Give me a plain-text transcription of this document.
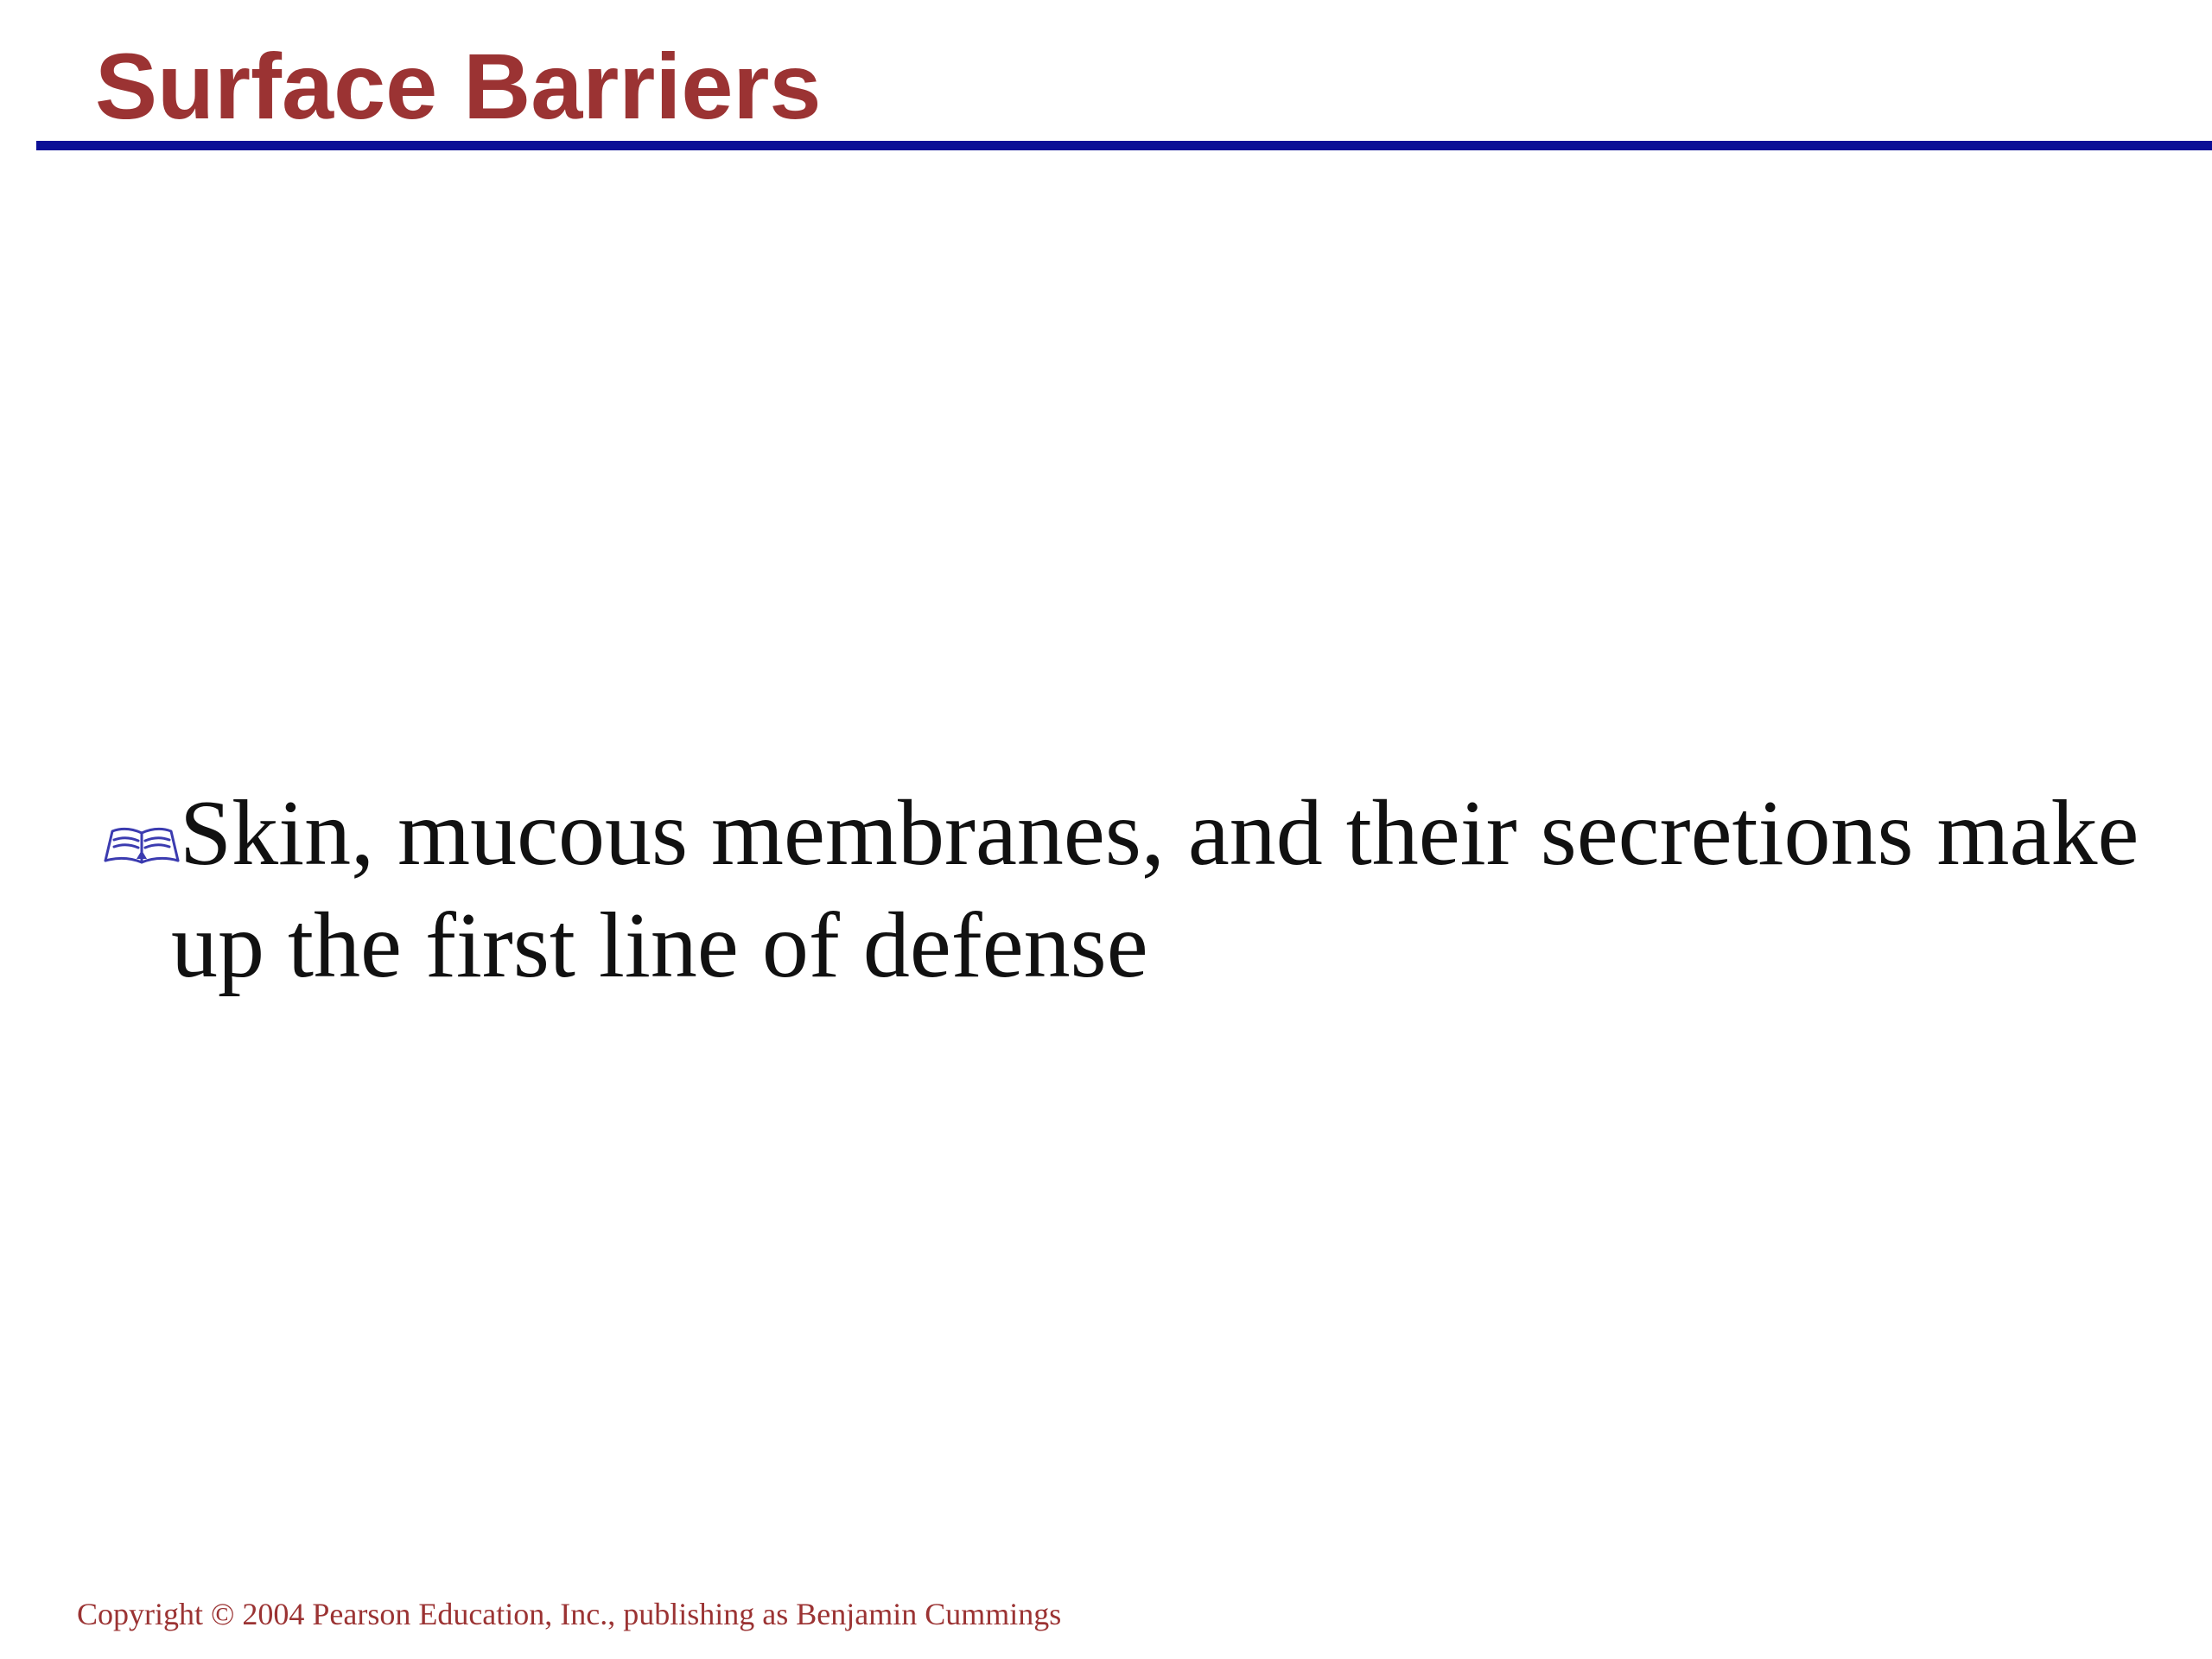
Surface Barriers

Skin, mucous membranes, and their secretions make
up the first line of defense

Copyright © 2004 Pearson Education, Inc., publishing as Benjamin Cummings
